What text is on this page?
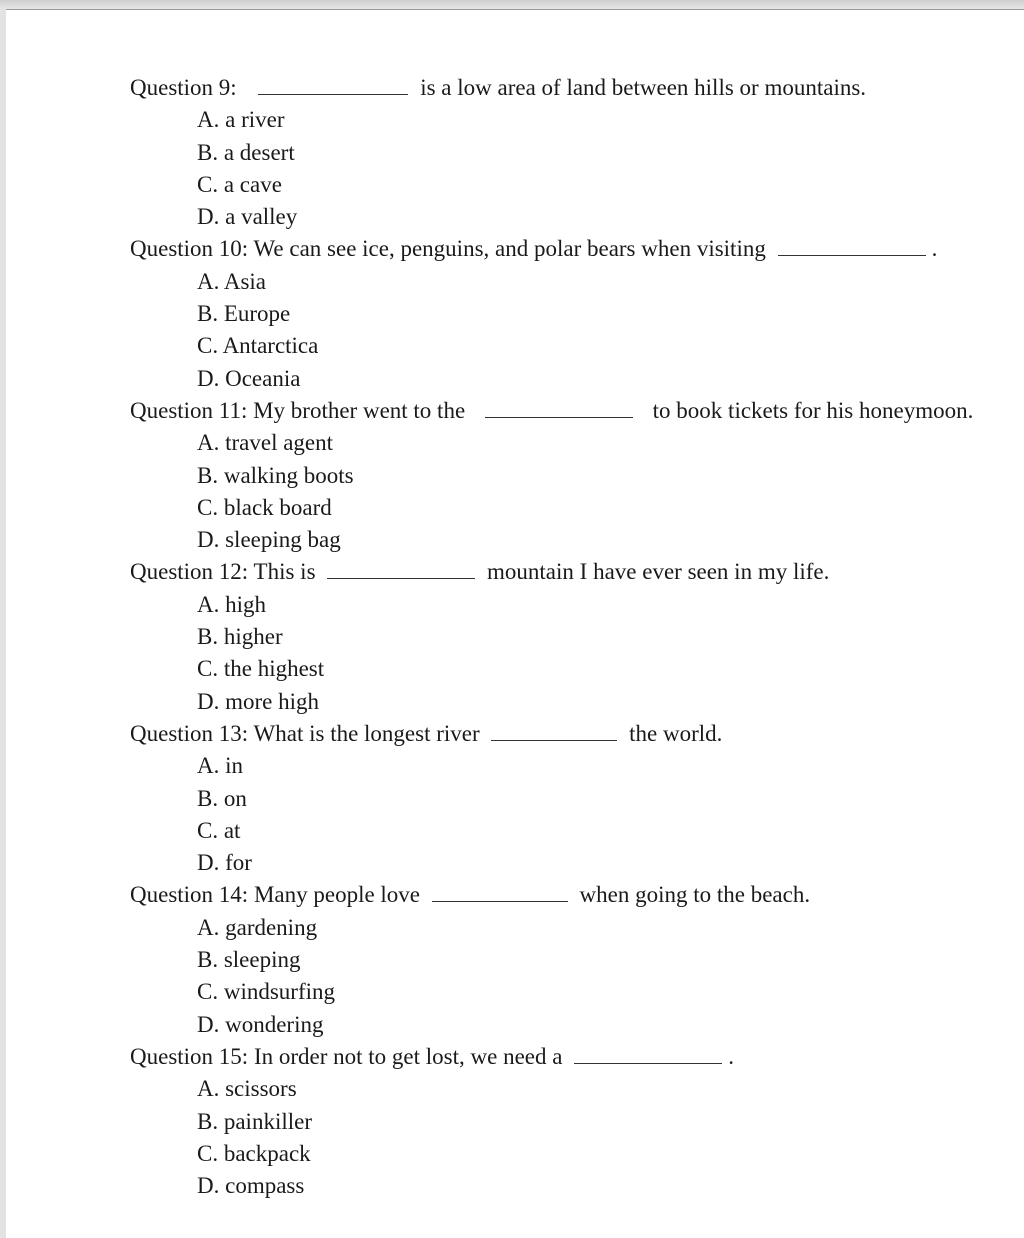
Question 9:	is a low area of land between hills or mountains.
A. a river
B. a desert
C. a cave
D. a valley
Question 10: We can see ice, penguins, and polar bears when visiting	.
A. Asia
B. Europe
C. Antarctica
D. Oceania
Question 11: My brother went to the	to book tickets for his honeymoon.
A. travel agent
B. walking boots
C. black board
D. sleeping bag
Question 12: This is	mountain I have ever seen in my life.
A. high
B. higher
C. the highest
D. more high
Question 13: What is the longest river	the world.
A. in
B. on
C. at
D. for
Question 14: Many people love	when going to the beach.
A. gardening
B. sleeping
C. windsurfing
D. wondering
Question 15: In order not to get lost, we need a	.
A. scissors
B. painkiller
C. backpack
D. compass
